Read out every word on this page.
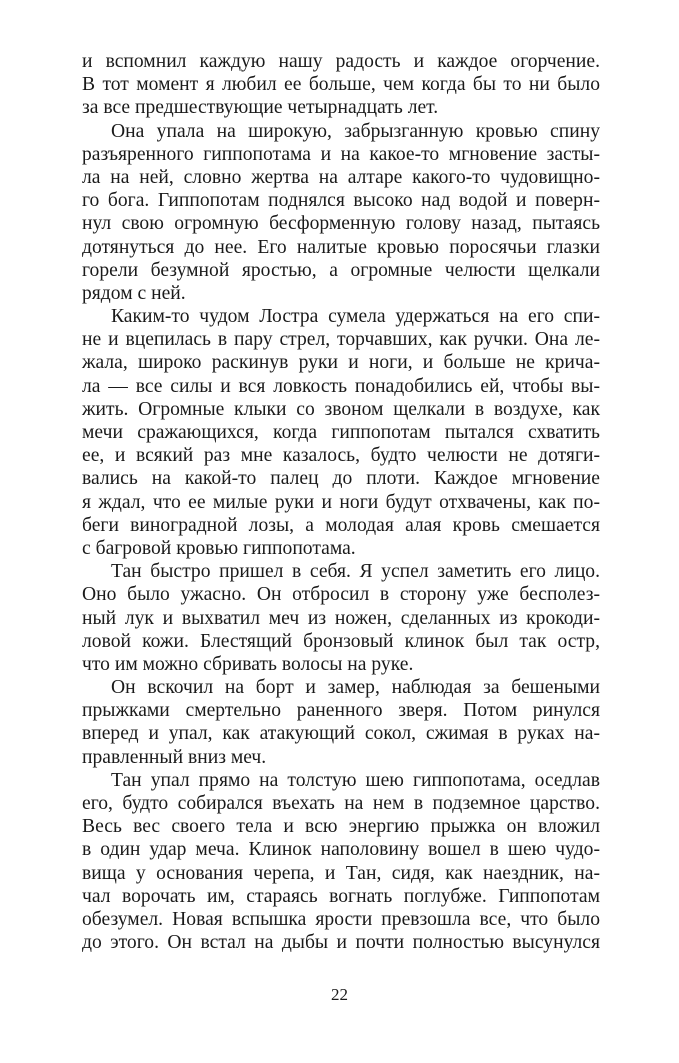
и вспомнил каждую нашу радость и каждое огорчение.
В тот момент я любил ее больше, чем когда бы то ни было
за все предшествующие четырнадцать лет.
Она упала на широкую, забрызганную кровью спину
разъяренного гиппопотама и на какое-то мгновение засты-
ла на ней, словно жертва на алтаре какого-то чудовищно-
го бога. Гиппопотам поднялся высоко над водой и поверн-
нул свою огромную бесформенную голову назад, пытаясь
дотянуться до нее. Его налитые кровью поросячьи глазки
горели безумной яростью, а огромные челюсти щелкали
рядом с ней.
Каким-то чудом Лостра сумела удержаться на его спи-
не и вцепилась в пару стрел, торчавших, как ручки. Она ле-
жала, широко раскинув руки и ноги, и больше не крича-
ла — все силы и вся ловкость понадобились ей, чтобы вы-
жить. Огромные клыки со звоном щелкали в воздухе, как
мечи сражающихся, когда гиппопотам пытался схватить
ее, и всякий раз мне казалось, будто челюсти не дотяги-
вались на какой-то палец до плоти. Каждое мгновение
я ждал, что ее милые руки и ноги будут отхвачены, как по-
беги виноградной лозы, а молодая алая кровь смешается
с багровой кровью гиппопотама.
Тан быстро пришел в себя. Я успел заметить его лицо.
Оно было ужасно. Он отбросил в сторону уже бесполез-
ный лук и выхватил меч из ножен, сделанных из крокоди-
ловой кожи. Блестящий бронзовый клинок был так остр,
что им можно сбривать волосы на руке.
Он вскочил на борт и замер, наблюдая за бешеными
прыжками смертельно раненного зверя. Потом ринулся
вперед и упал, как атакующий сокол, сжимая в руках на-
правленный вниз меч.
Тан упал прямо на толстую шею гиппопотама, оседлав
его, будто собирался въехать на нем в подземное царство.
Весь вес своего тела и всю энергию прыжка он вложил
в один удар меча. Клинок наполовину вошел в шею чудо-
вища у основания черепа, и Тан, сидя, как наездник, на-
чал ворочать им, стараясь вогнать поглубже. Гиппопотам
обезумел. Новая вспышка ярости превзошла все, что было
до этого. Он встал на дыбы и почти полностью высунулся
22
